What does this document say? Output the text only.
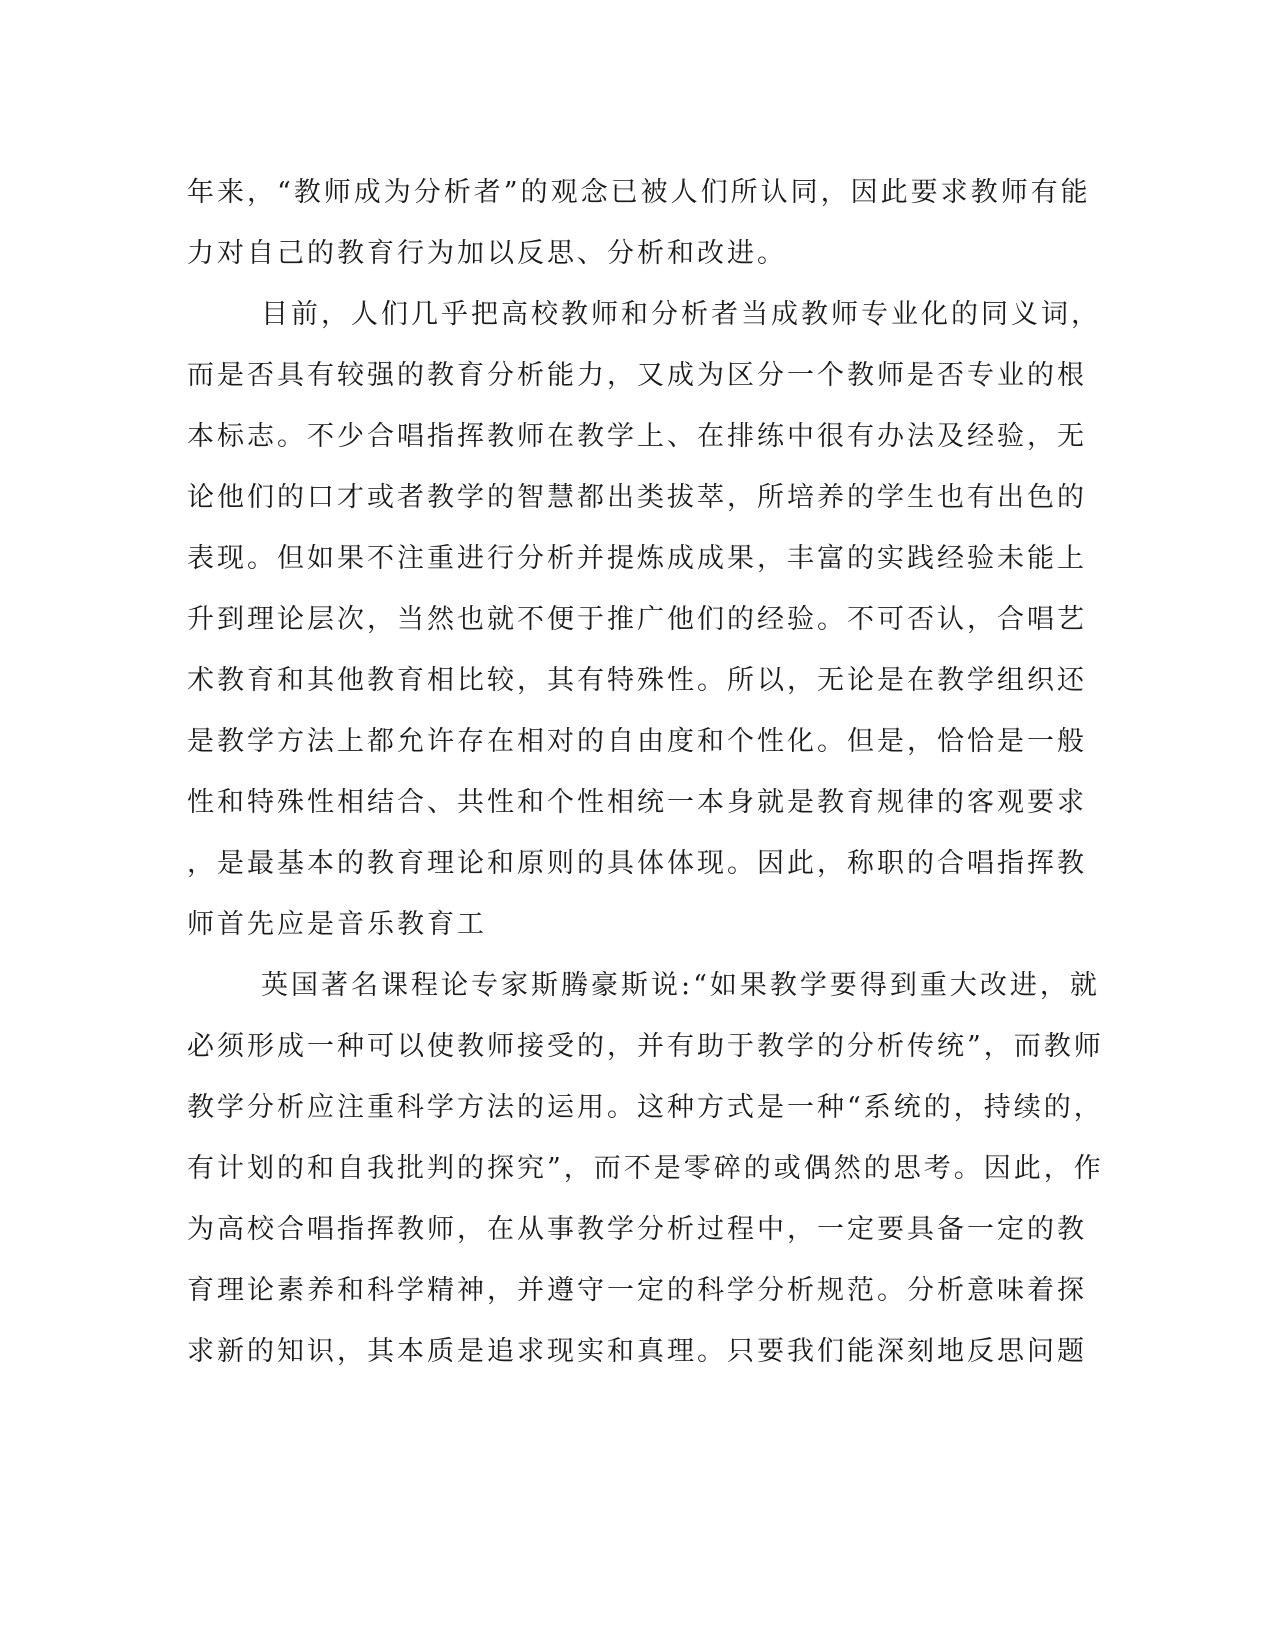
年来，“教师成为分析者”的观念已被人们所认同，因此要求教师有能
力对自己的教育行为加以反思、分析和改进。
目前，人们几乎把高校教师和分析者当成教师专业化的同义词，
而是否具有较强的教育分析能力，又成为区分一个教师是否专业的根
本标志。不少合唱指挥教师在教学上、在排练中很有办法及经验，无
论他们的口才或者教学的智慧都出类拔萃，所培养的学生也有出色的
表现。但如果不注重进行分析并提炼成成果，丰富的实践经验未能上
升到理论层次，当然也就不便于推广他们的经验。不可否认，合唱艺
术教育和其他教育相比较，其有特殊性。所以，无论是在教学组织还
是教学方法上都允许存在相对的自由度和个性化。但是，恰恰是一般
性和特殊性相结合、共性和个性相统一本身就是教育规律的客观要求
，是最基本的教育理论和原则的具体体现。因此，称职的合唱指挥教
师首先应是音乐教育工
英国著名课程论专家斯腾豪斯说:“如果教学要得到重大改进，就
必须形成一种可以使教师接受的，并有助于教学的分析传统”，而教师
教学分析应注重科学方法的运用。这种方式是一种“系统的，持续的，
有计划的和自我批判的探究”，而不是零碎的或偶然的思考。因此，作
为高校合唱指挥教师，在从事教学分析过程中，一定要具备一定的教
育理论素养和科学精神，并遵守一定的科学分析规范。分析意味着探
求新的知识，其本质是追求现实和真理。只要我们能深刻地反思问题
